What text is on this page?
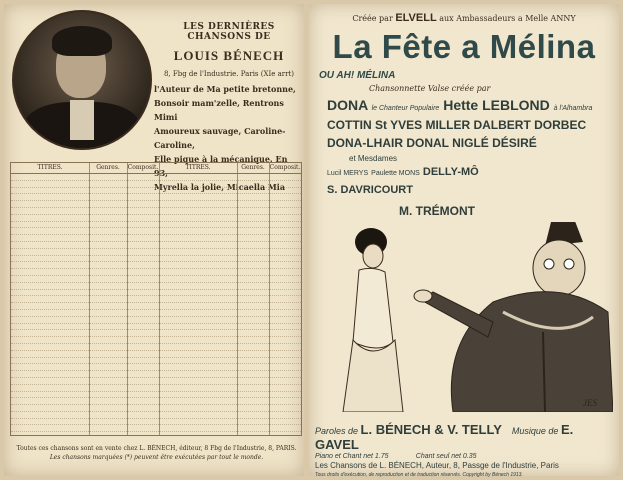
LES DERNIÈRES CHANSONS DE
LOUIS BÉNECH
8, Fbg de l'Industrie. Paris (XIe arrt)
l'Auteur de Ma petite bretonne,
Bonsoir mam'zelle, Rentrons Mimi
Amoureux sauvage, Caroline-Caroline,
Elle pique à la mécanique. En 93,
Myrella la jolie, Micaella Mia
TITRES.	Genres.	Composit.	TITRES.	Genres. Composit.
Toutes ces chansons sont en vente chez L. BÉNECH, éditeur, 8 Fbg de l'Industrie, 8, PARIS.
Les chansons marquées (*) peuvent être exécutées par tout le monde.
Créée par ELVELL aux Ambassadeurs a Melle ANNY
La Fête a Mélina
OU AH! MÉLINA
Chansonnette Valse créée par
DONA le Chanteur Populaire Hette LEBLOND à l'Alhambra
COTTIN St YVES MILLER DALBERT DORBEC
DONA-LHAIR DONAL NIGLÉ DÉSIRÉ
et Mesdames
Lucil MERYS Paulette MONS DELLY-MÔ
S. DAVRICOURT
M. TRÉMONT
JES
Paroles de L. BÉNECH & V. TELLY Musique de E. GAVEL
Piano et Chant net 1.75	Chant seul net 0.35
Les Chansons de L. BÉNECH, Auteur, 8, Passge de l'Industrie, Paris
Tous droits d'exécution, de reproduction et de traduction réservés. Copyright by Bénech 1913.
